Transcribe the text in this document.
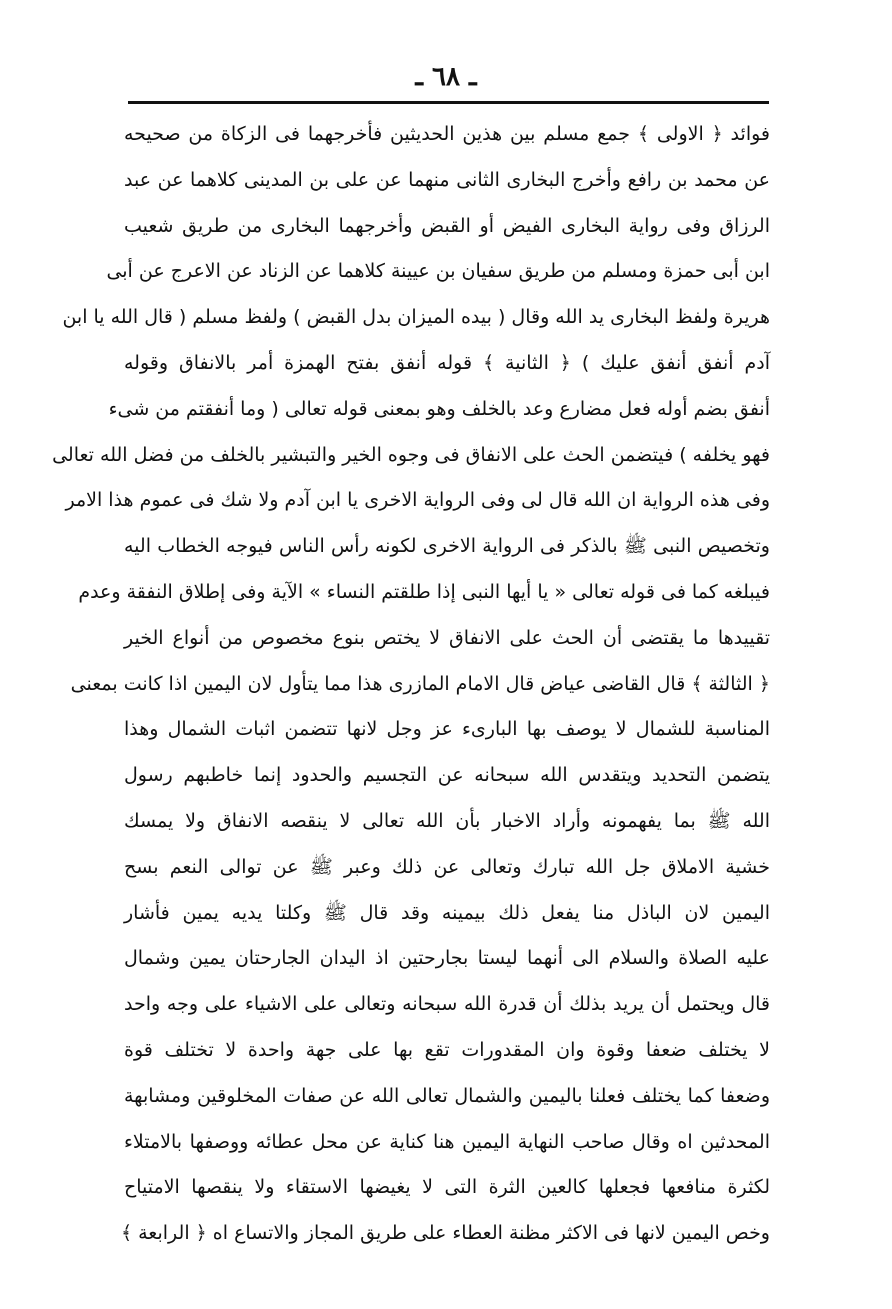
ـ ٦٨ ـ
فوائد ﴿ الاولى ﴾ جمع مسلم بين هذين الحديثين فأخرجهما فى الزكاة من صحيحه
عن محمد بن رافع وأخرج البخارى الثانى منهما عن على بن المدينى كلاهما عن عبد
الرزاق وفى رواية البخارى الفيض أو القبض وأخرجهما البخارى من طريق شعيب
ابن أبى حمزة ومسلم من طريق سفيان بن عيينة كلاهما عن الزناد عن الاعرج عن أبى
هريرة ولفظ البخارى يد الله وقال ( بيده الميزان بدل القبض ) ولفظ مسلم ( قال الله يا ابن
آدم أنفق أنفق عليك ) ﴿ الثانية ﴾ قوله أنفق بفتح الهمزة أمر بالانفاق وقوله
أنفق بضم أوله فعل مضارع وعد بالخلف وهو بمعنى قوله تعالى ( وما أنفقتم من شىء
فهو يخلفه ) فيتضمن الحث على الانفاق فى وجوه الخير والتبشير بالخلف من فضل الله تعالى
وفى هذه الرواية ان الله قال لى وفى الرواية الاخرى يا ابن آدم ولا شك فى عموم هذا الامر
وتخصيص النبى ﷺ بالذكر فى الرواية الاخرى لكونه رأس الناس فيوجه الخطاب اليه
فيبلغه كما فى قوله تعالى « يا أيها النبى إذا طلقتم النساء » الآية وفى إطلاق النفقة وعدم
تقييدها ما يقتضى أن الحث على الانفاق لا يختص بنوع مخصوص من أنواع الخير
﴿ الثالثة ﴾ قال القاضى عياض قال الامام المازرى هذا مما يتأول لان اليمين اذا كانت بمعنى
المناسبة للشمال لا يوصف بها البارىء عز وجل لانها تتضمن اثبات الشمال وهذا
يتضمن التحديد ويتقدس الله سبحانه عن التجسيم والحدود إنما خاطبهم رسول
الله ﷺ بما يفهمونه وأراد الاخبار بأن الله تعالى لا ينقصه الانفاق ولا يمسك
خشية الاملاق جل الله تبارك وتعالى عن ذلك وعبر ﷺ عن توالى النعم بسح
اليمين لان الباذل منا يفعل ذلك بيمينه وقد قال ﷺ وكلتا يديه يمين فأشار
عليه الصلاة والسلام الى أنهما ليستا بجارحتين اذ اليدان الجارحتان يمين وشمال
قال ويحتمل أن يريد بذلك أن قدرة الله سبحانه وتعالى على الاشياء على وجه واحد
لا يختلف ضعفا وقوة وان المقدورات تقع بها على جهة واحدة لا تختلف قوة
وضعفا كما يختلف فعلنا باليمين والشمال تعالى الله عن صفات المخلوقين ومشابهة
المحدثين اه وقال صاحب النهاية اليمين هنا كناية عن محل عطائه ووصفها بالامتلاء
لكثرة منافعها فجعلها كالعين الثرة التى لا يغيضها الاستقاء ولا ينقصها الامتياح
وخص اليمين لانها فى الاكثر مظنة العطاء على طريق المجاز والاتساع اه ﴿ الرابعة ﴾
